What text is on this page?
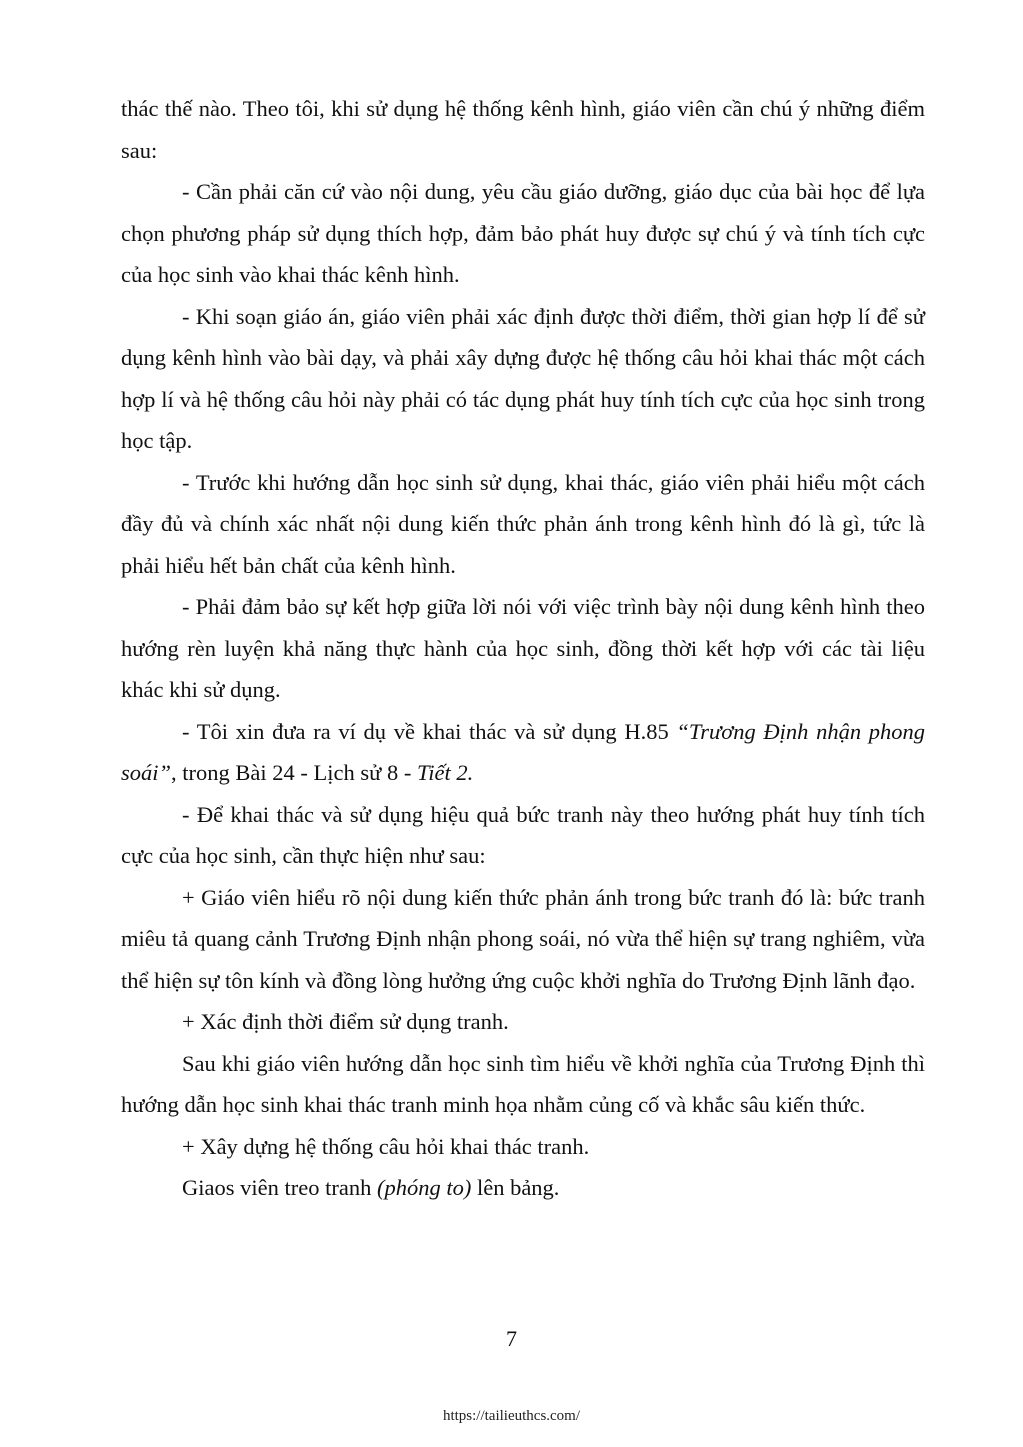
thác thế nào. Theo tôi, khi sử dụng hệ thống kênh hình, giáo viên cần chú ý những điểm sau:

- Cần phải căn cứ vào nội dung, yêu cầu giáo dưỡng, giáo dục của bài học để lựa chọn phương pháp sử dụng thích hợp, đảm bảo phát huy được sự chú ý và tính tích cực của học sinh vào khai thác kênh hình.

- Khi soạn giáo án, giáo viên phải xác định được thời điểm, thời gian hợp lí để sử dụng kênh hình vào bài dạy, và phải xây dựng được hệ thống câu hỏi khai thác một cách hợp lí và hệ thống câu hỏi này phải có tác dụng phát huy tính tích cực của học sinh trong học tập.

- Trước khi hướng dẫn học sinh sử dụng, khai thác, giáo viên phải hiểu một cách đầy đủ và chính xác nhất nội dung kiến thức phản ánh trong kênh hình đó là gì, tức là phải hiểu hết bản chất của kênh hình.

- Phải đảm bảo sự kết hợp giữa lời nói với việc trình bày nội dung kênh hình theo hướng rèn luyện khả năng thực hành của học sinh, đồng thời kết hợp với các tài liệu khác khi sử dụng.

- Tôi xin đưa ra ví dụ về khai thác và sử dụng H.85 “Trương Định nhận phong soái”, trong Bài 24 - Lịch sử 8 - Tiết 2.

- Để khai thác và sử dụng hiệu quả bức tranh này theo hướng phát huy tính tích cực của học sinh, cần thực hiện như sau:

+ Giáo viên hiểu rõ nội dung kiến thức phản ánh trong bức tranh đó là: bức tranh miêu tả quang cảnh Trương Định nhận phong soái, nó vừa thể hiện sự trang nghiêm, vừa thể hiện sự tôn kính và đồng lòng hưởng ứng cuộc khởi nghĩa do Trương Định lãnh đạo.

+ Xác định thời điểm sử dụng tranh.

Sau khi giáo viên hướng dẫn học sinh tìm hiểu về khởi nghĩa của Trương Định thì hướng dẫn học sinh khai thác tranh minh họa nhằm củng cố và khắc sâu kiến thức.

+ Xây dựng hệ thống câu hỏi khai thác tranh.

Giaos viên treo tranh (phóng to) lên bảng.

7
https://tailieuthcs.com/
